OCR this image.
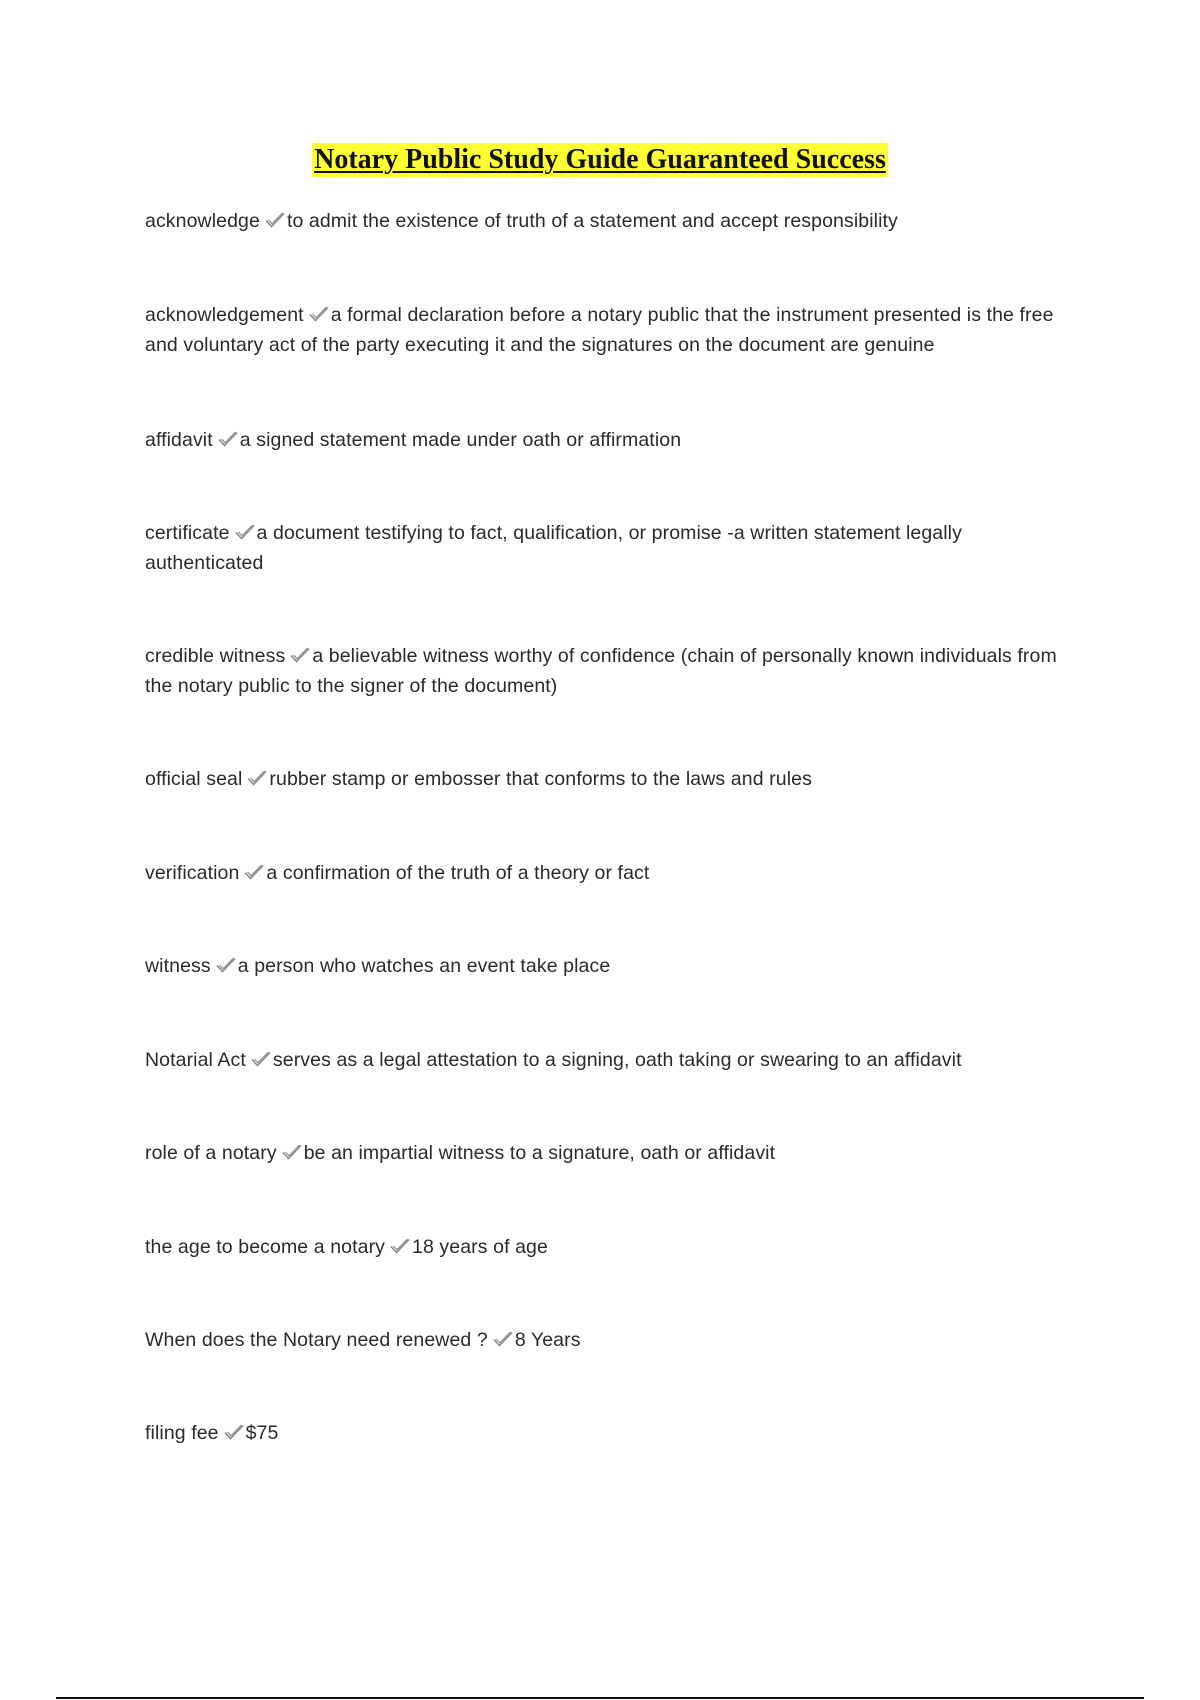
Notary Public Study Guide Guaranteed Success
acknowledge to admit the existence of truth of a statement and accept responsibility
acknowledgement a formal declaration before a notary public that the instrument presented is the free and voluntary act of the party executing it and the signatures on the document are genuine
affidavit a signed statement made under oath or affirmation
certificate a document testifying to fact, qualification, or promise -a written statement legally authenticated
credible witness a believable witness worthy of confidence (chain of personally known individuals from the notary public to the signer of the document)
official seal rubber stamp or embosser that conforms to the laws and rules
verification a confirmation of the truth of a theory or fact
witness a person who watches an event take place
Notarial Act serves as a legal attestation to a signing, oath taking or swearing to an affidavit
role of a notary be an impartial witness to a signature, oath or affidavit
the age to become a notary 18 years of age
When does the Notary need renewed ? 8 Years
filing fee $75
